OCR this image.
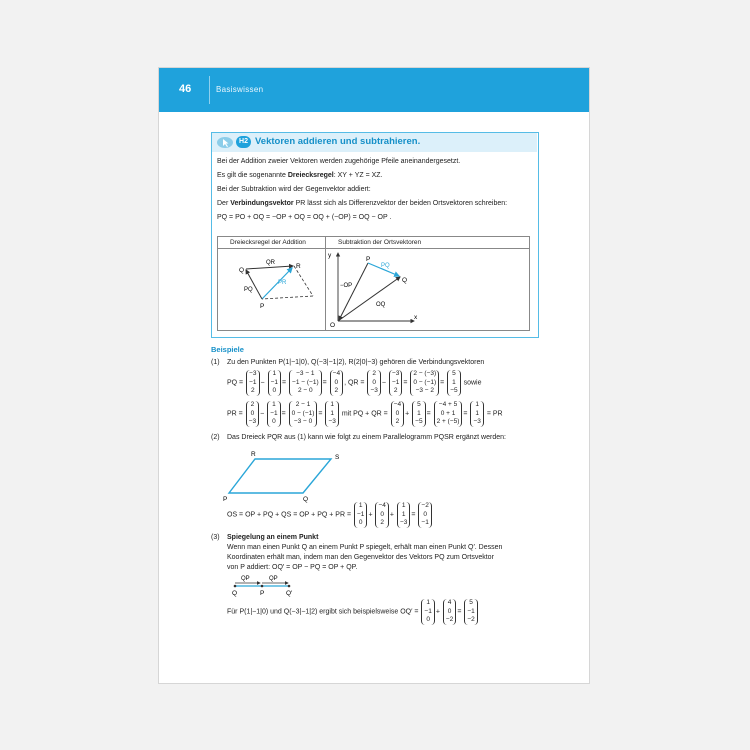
46	Basiswissen
H2 Vektoren addieren und subtrahieren.
Bei der Addition zweier Vektoren werden zugehörige Pfeile aneinandergesetzt.
Es gilt die sogenannte Dreiecksregel: XY + YZ = XZ.
Bei der Subtraktion wird der Gegenvektor addiert:
Der Verbindungsvektor PR lässt sich als Differenzvektor der beiden Ortsvektoren schreiben:
PQ = PO + OQ = −OP + OQ = OQ + (−OP) = OQ − OP .
Dreiecksregel der Addition	Subtraktion der Ortsvektoren
Q
R
P
QR
PQ
PR
y
x
O
P
Q
PQ
−OP
OQ
Beispiele
(1) Zu den Punkten P(1|−1|0), Q(−3|−1|2), R(2|0|−3) gehören die Verbindungsvektoren
PQ =
−3
−1
2
−
1
−1
0
=
−3 − 1
−1 − (−1)
2 − 0
=
−4
0
2
, QR =
2
0
−3
−
−3
−1
2
=
2 − (−3)
0 − (−1)
−3 − 2
=
5
1
−5
sowie
PR =
2
0
−3
−
1
−1
0
=
2 − 1
0 − (−1)
−3 − 0
=
1
1
−3
mit PQ + QR =
−4
0
2
+
5
1
−5
=
−4 + 5
0 + 1
2 + (−5)
=
1
1
−3
= PR
(2) Das Dreieck PQR aus (1) kann wie folgt zu einem Parallelogramm PQSR ergänzt werden:
R	S
P	Q
OS = OP + PQ + QS = OP + PQ + PR =
1
−1
0
+
−4
0
2
+
1
1
−3
=
−2
0
−1
(3) Spiegelung an einem Punkt
Wenn man einen Punkt Q an einem Punkt P spiegelt, erhält man einen Punkt Q′. Dessen
Koordinaten erhält man, indem man den Gegenvektor des Vektors PQ zum Ortsvektor
von P addiert: OQ′ = OP − PQ = OP + QP.
QP	QP
Q	P	Q′
Für P(1|−1|0) und Q(−3|−1|2) ergibt sich beispielsweise OQ′ =
1
−1
0
+
4
0
−2
=
5
−1
−2
